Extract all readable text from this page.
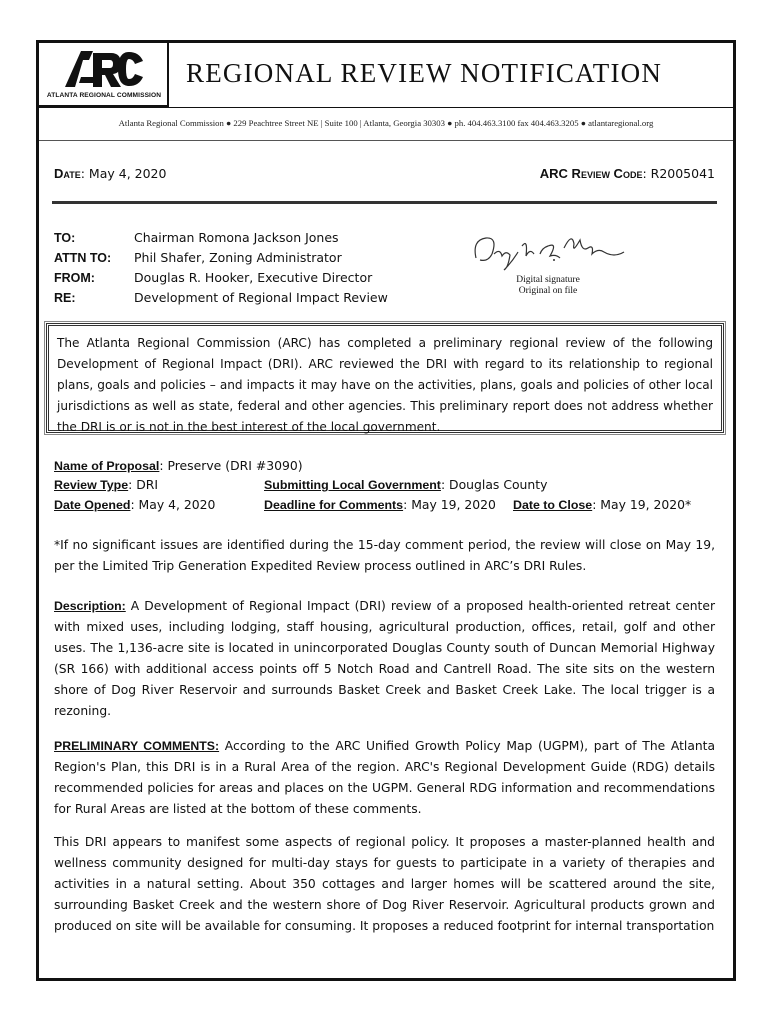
ATLANTA REGIONAL COMMISSION
REGIONAL REVIEW NOTIFICATION
Atlanta Regional Commission ● 229 Peachtree Street NE | Suite 100 | Atlanta, Georgia 30303 ● ph. 404.463.3100 fax 404.463.3205 ● atlantaregional.org
Date: May 4, 2020	ARC Review Code: R2005041
TO:	Chairman Romona Jackson Jones
ATTN TO: Phil Shafer, Zoning Administrator
FROM:	Douglas R. Hooker, Executive Director
RE:	Development of Regional Impact Review
Digital signature
Original on file
The Atlanta Regional Commission (ARC) has completed a preliminary regional review of the following Development of Regional Impact (DRI). ARC reviewed the DRI with regard to its relationship to regional plans, goals and policies – and impacts it may have on the activities, plans, goals and policies of other local jurisdictions as well as state, federal and other agencies. This preliminary report does not address whether the DRI is or is not in the best interest of the local government.
Name of Proposal: Preserve (DRI #3090)
Review Type: DRI	Submitting Local Government: Douglas County
Date Opened: May 4, 2020	Deadline for Comments: May 19, 2020 Date to Close: May 19, 2020*
*If no significant issues are identified during the 15-day comment period, the review will close on May 19, per the Limited Trip Generation Expedited Review process outlined in ARC’s DRI Rules.
Description: A Development of Regional Impact (DRI) review of a proposed health-oriented retreat center with mixed uses, including lodging, staff housing, agricultural production, offices, retail, golf and other uses. The 1,136-acre site is located in unincorporated Douglas County south of Duncan Memorial Highway (SR 166) with additional access points off 5 Notch Road and Cantrell Road. The site sits on the western shore of Dog River Reservoir and surrounds Basket Creek and Basket Creek Lake. The local trigger is a rezoning.
PRELIMINARY COMMENTS: According to the ARC Unified Growth Policy Map (UGPM), part of The Atlanta Region's Plan, this DRI is in a Rural Area of the region. ARC's Regional Development Guide (RDG) details recommended policies for areas and places on the UGPM. General RDG information and recommendations for Rural Areas are listed at the bottom of these comments.
This DRI appears to manifest some aspects of regional policy. It proposes a master-planned health and wellness community designed for multi-day stays for guests to participate in a variety of therapies and activities in a natural setting. About 350 cottages and larger homes will be scattered around the site, surrounding Basket Creek and the western shore of Dog River Reservoir. Agricultural products grown and produced on site will be available for consuming. It proposes a reduced footprint for internal transportation
